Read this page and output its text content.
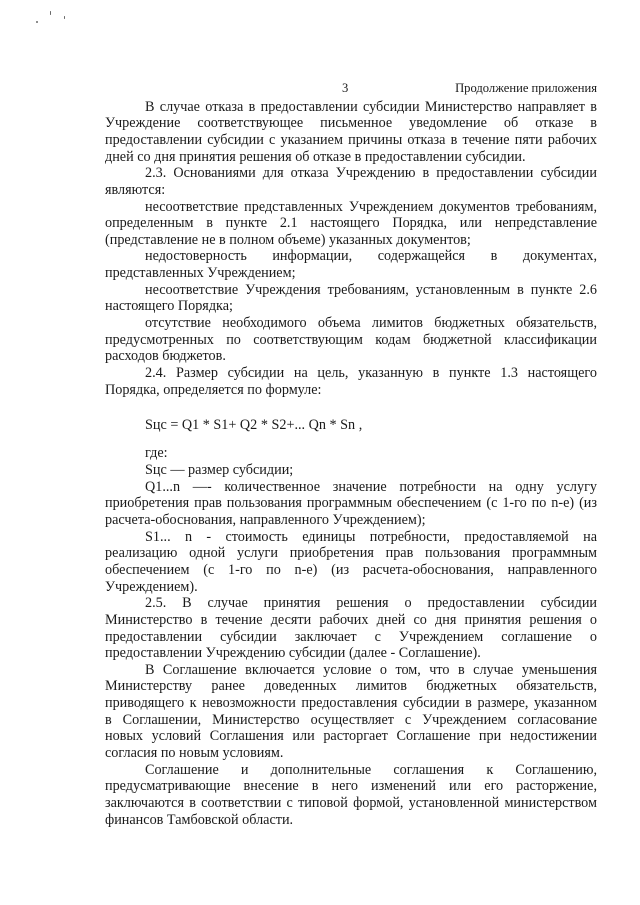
3	Продолжение приложения
В случае отказа в предоставлении субсидии Министерство направляет в
Учреждение соответствующее письменное уведомление об отказе в
предоставлении субсидии с указанием причины отказа в течение пяти рабочих
дней со дня принятия решения об отказе в предоставлении субсидии.
2.3. Основаниями для отказа Учреждению в предоставлении субсидии
являются:
несоответствие представленных Учреждением документов требованиям,
определенным в пункте 2.1 настоящего Порядка, или непредставление
(представление не в полном объеме) указанных документов;
недостоверность информации, содержащейся в документах,
представленных Учреждением;
несоответствие Учреждения требованиям, установленным в пункте 2.6
настоящего Порядка;
отсутствие необходимого объема лимитов бюджетных обязательств,
предусмотренных по соответствующим кодам бюджетной классификации
расходов бюджетов.
2.4. Размер субсидии на цель, указанную в пункте 1.3 настоящего
Порядка, определяется по формуле:
Sцс = Q1 * S1+ Q2 * S2+... Qn * Sn ,
где:
Sцс — размер субсидии;
Q1...n —- количественное значение потребности на одну услугу
приобретения прав пользования программным обеспечением (с 1-го по n-е) (из
расчета-обоснования, направленного Учреждением);
S1... n - стоимость единицы потребности, предоставляемой на
реализацию одной услуги приобретения прав пользования программным
обеспечением (с 1-го по n-е) (из расчета-обоснования, направленного
Учреждением).
2.5. В случае принятия решения о предоставлении субсидии
Министерство в течение десяти рабочих дней со дня принятия решения о
предоставлении субсидии заключает с Учреждением соглашение о
предоставлении Учреждению субсидии (далее - Соглашение).
В Соглашение включается условие о том, что в случае уменьшения
Министерству ранее доведенных лимитов бюджетных обязательств,
приводящего к невозможности предоставления субсидии в размере, указанном
в Соглашении, Министерство осуществляет с Учреждением согласование
новых условий Соглашения или расторгает Соглашение при недостижении
согласия по новым условиям.
Соглашение и дополнительные соглашения к Соглашению,
предусматривающие внесение в него изменений или его расторжение,
заключаются в соответствии с типовой формой, установленной министерством
финансов Тамбовской области.
